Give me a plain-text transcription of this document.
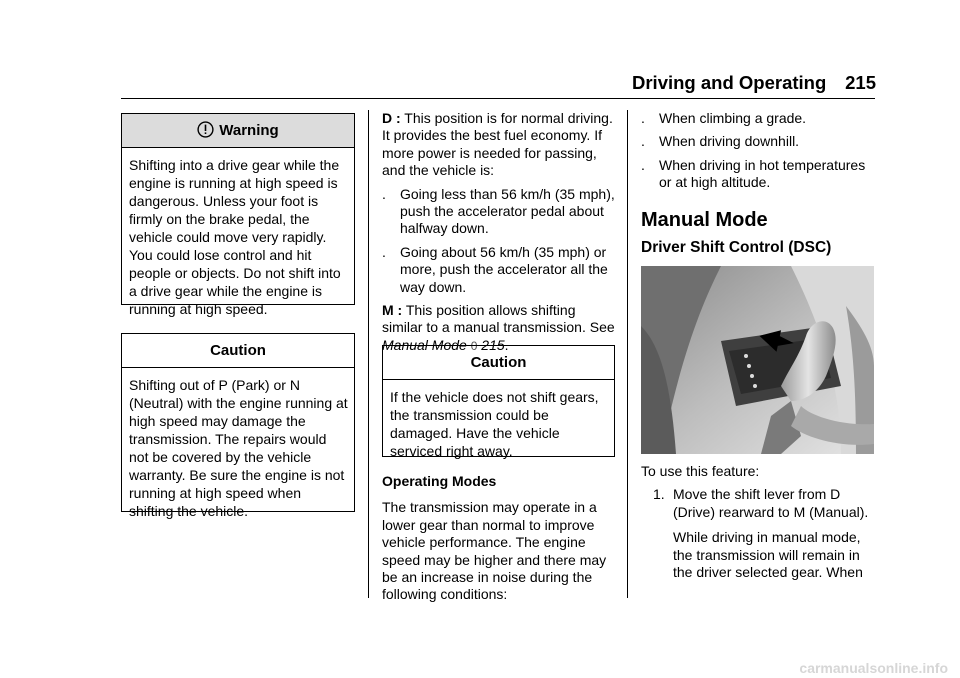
Driving and Operating 215
Warning
Shifting into a drive gear while the engine is running at high speed is dangerous. Unless your foot is firmly on the brake pedal, the vehicle could move very rapidly. You could lose control and hit people or objects. Do not shift into a drive gear while the engine is running at high speed.
Caution
Shifting out of P (Park) or N (Neutral) with the engine running at high speed may damage the transmission. The repairs would not be covered by the vehicle warranty. Be sure the engine is not running at high speed when shifting the vehicle.

D : This position is for normal driving. It provides the best fuel economy. If more power is needed for passing, and the vehicle is:

. Going less than 56 km/h (35 mph), push the accelerator pedal about halfway down.
. Going about 56 km/h (35 mph) or more, push the accelerator all the way down.

M : This position allows shifting similar to a manual transmission. See Manual Mode 0 215.

Caution
If the vehicle does not shift gears, the transmission could be damaged. Have the vehicle serviced right away.

Operating Modes

The transmission may operate in a lower gear than normal to improve vehicle performance. The engine speed may be higher and there may be an increase in noise during the following conditions:

. When climbing a grade.
. When driving downhill.
. When driving in hot temperatures or at high altitude.

Manual Mode

Driver Shift Control (DSC)

To use this feature:

1. Move the shift lever from D (Drive) rearward to M (Manual).

While driving in manual mode, the transmission will remain in the driver selected gear. When

carmanualsonline.info
